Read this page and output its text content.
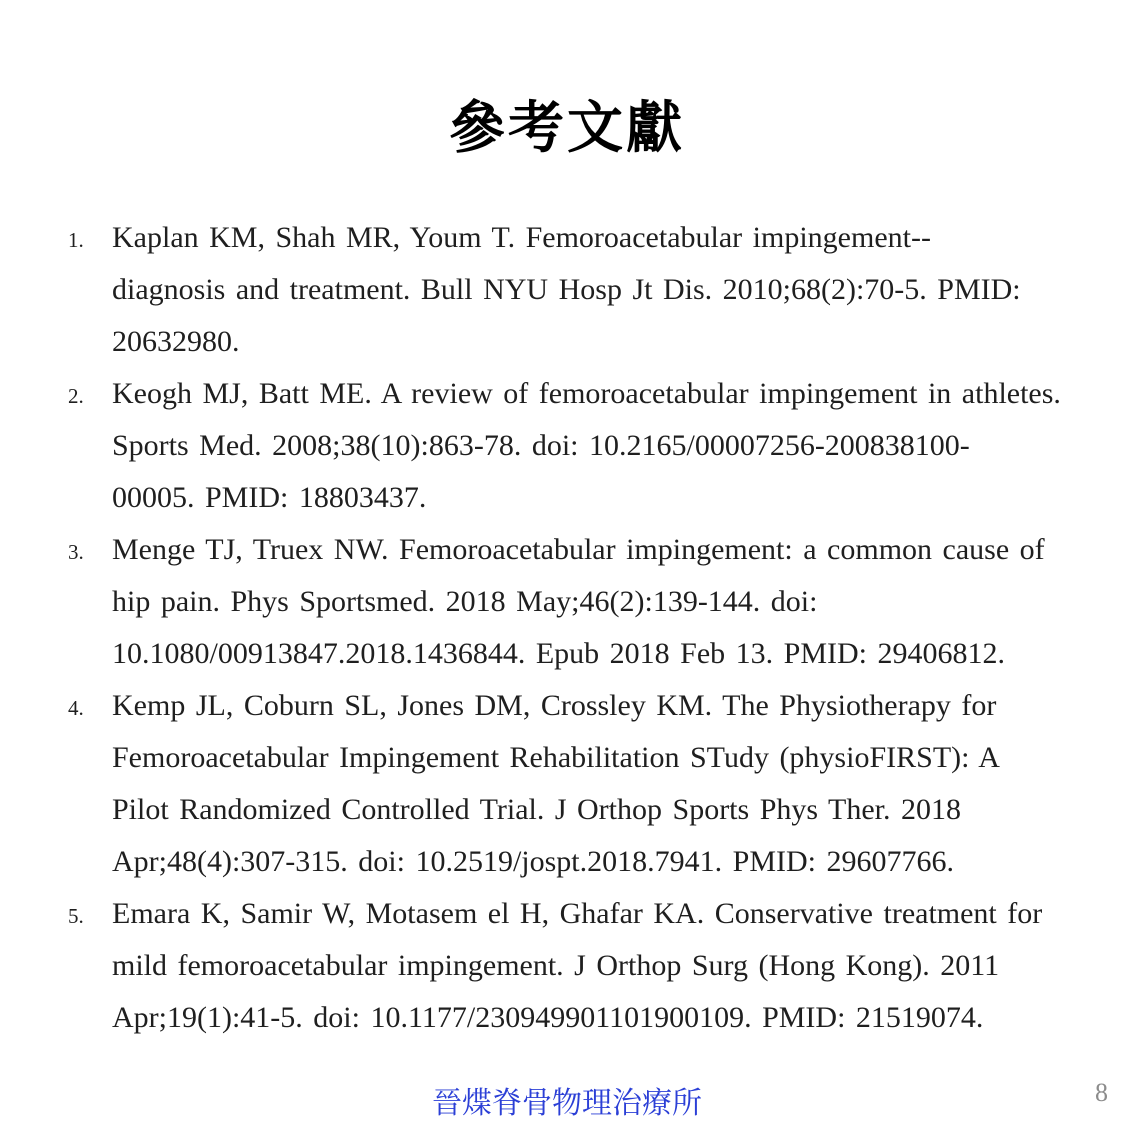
參考文獻
1. Kaplan KM, Shah MR, Youm T. Femoroacetabular impingement--
diagnosis and treatment. Bull NYU Hosp Jt Dis. 2010;68(2):70-5. PMID:
20632980.
2. Keogh MJ, Batt ME. A review of femoroacetabular impingement in athletes.
Sports Med. 2008;38(10):863-78. doi: 10.2165/00007256-200838100-
00005. PMID: 18803437.
3. Menge TJ, Truex NW. Femoroacetabular impingement: a common cause of
hip pain. Phys Sportsmed. 2018 May;46(2):139-144. doi:
10.1080/00913847.2018.1436844. Epub 2018 Feb 13. PMID: 29406812.
4. Kemp JL, Coburn SL, Jones DM, Crossley KM. The Physiotherapy for
Femoroacetabular Impingement Rehabilitation STudy (physioFIRST): A
Pilot Randomized Controlled Trial. J Orthop Sports Phys Ther. 2018
Apr;48(4):307-315. doi: 10.2519/jospt.2018.7941. PMID: 29607766.
5. Emara K, Samir W, Motasem el H, Ghafar KA. Conservative treatment for
mild femoroacetabular impingement. J Orthop Surg (Hong Kong). 2011
Apr;19(1):41-5. doi: 10.1177/230949901101900109. PMID: 21519074.
晉煠脊骨物理治療所	8
